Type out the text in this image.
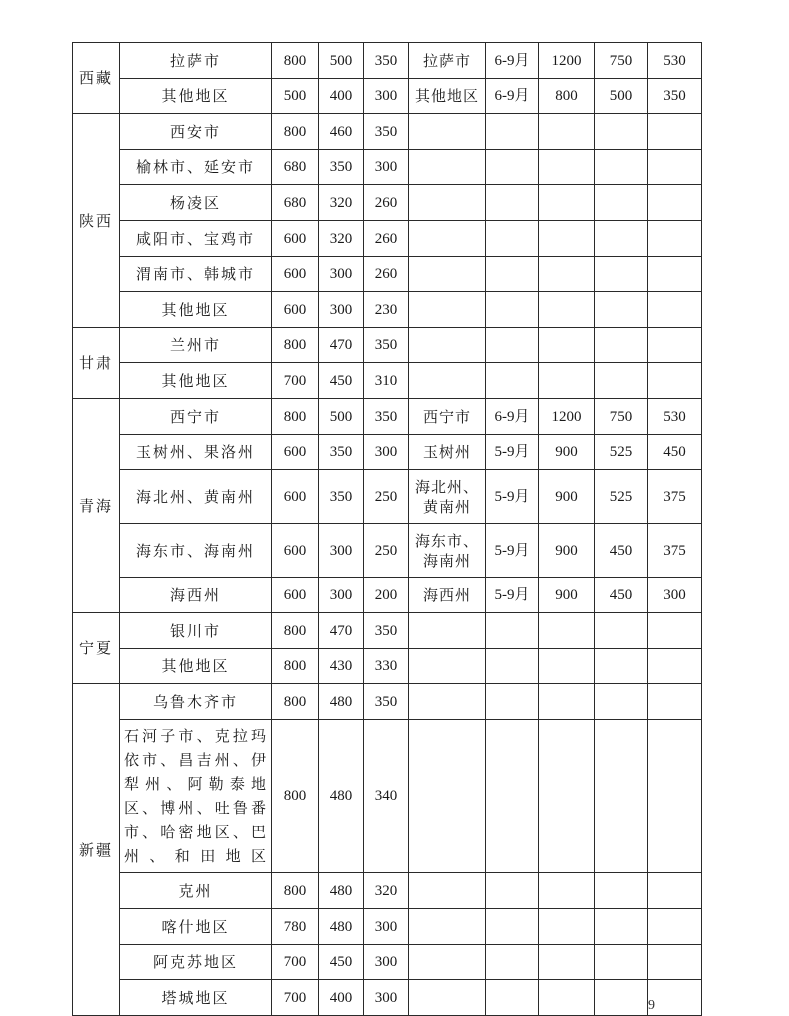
西藏	拉萨市	800	500	350	拉萨市	6-9月	1200	750	530
	其他地区	500	400	300	其他地区	6-9月	800	500	350
陕西	西安市	800	460	350					
	榆林市、延安市	680	350	300					
	杨凌区	680	320	260					
	咸阳市、宝鸡市	600	320	260					
	渭南市、韩城市	600	300	260					
	其他地区	600	300	230					
甘肃	兰州市	800	470	350					
	其他地区	700	450	310					
青海	西宁市	800	500	350	西宁市	6-9月	1200	750	530
	玉树州、果洛州	600	350	300	玉树州	5-9月	900	525	450
	海北州、黄南州	600	350	250	海北州、黄南州	5-9月	900	525	375
	海东市、海南州	600	300	250	海东市、海南州	5-9月	900	450	375
	海西州	600	300	200	海西州	5-9月	900	450	300
宁夏	银川市	800	470	350					
	其他地区	800	430	330					
新疆	乌鲁木齐市	800	480	350					
	石河子市、克拉玛依市、昌吉州、伊犁州、阿勒泰地区、博州、吐鲁番市、哈密地区、巴州、和田地区	800	480	340					
	克州	800	480	320					
	喀什地区	780	480	300					
	阿克苏地区	700	450	300					
	塔城地区	700	400	300						9
